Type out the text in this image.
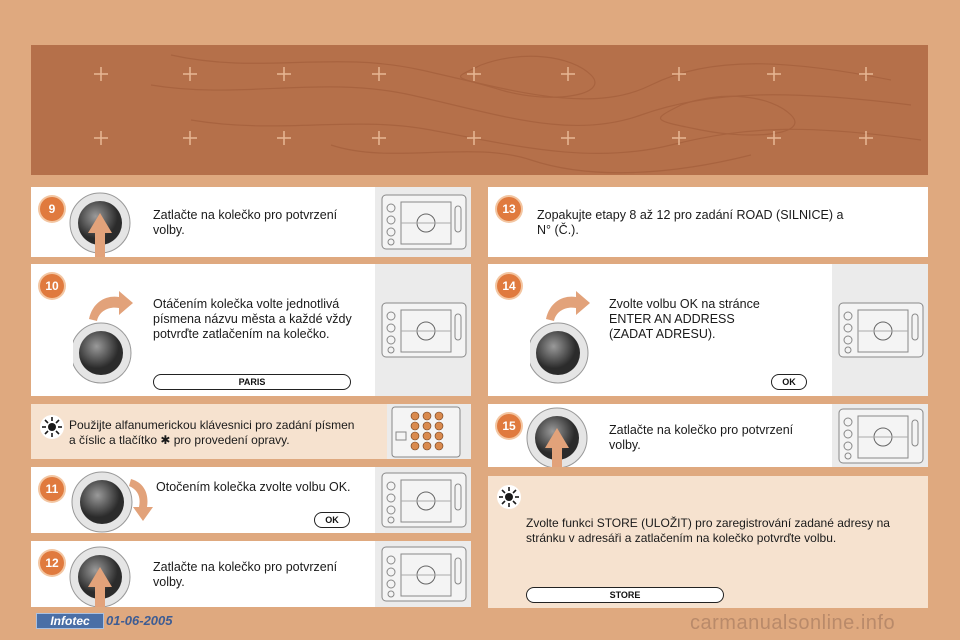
9	Zatlačte na kolečko pro potvrzení
volby.
10
Otáčením kolečka volte jednotlivá
písmena názvu města a každé vždy
potvrďte zatlačením na kolečko.
PARIS
Použijte alfanumerickou klávesnici pro zadání písmen
a číslic a tlačítko ✱ pro provedení opravy.
11	Otočením kolečka zvolte volbu OK.
OK
12	Zatlačte na kolečko pro potvrzení
volby.
13	Zopakujte etapy 8 až 12 pro zadání ROAD (SILNICE) a
N° (Č.).
14
Zvolte volbu OK na stránce
ENTER AN ADDRESS
(ZADAT ADRESU).
OK
15	Zatlačte na kolečko pro potvrzení
volby.
Zvolte funkci STORE (ULOŽIT) pro zaregistrování zadané adresy na
stránku v adresáři a zatlačením na kolečko potvrďte volbu.
STORE
Infotec	01-06-2005	carmanualsonline.info
